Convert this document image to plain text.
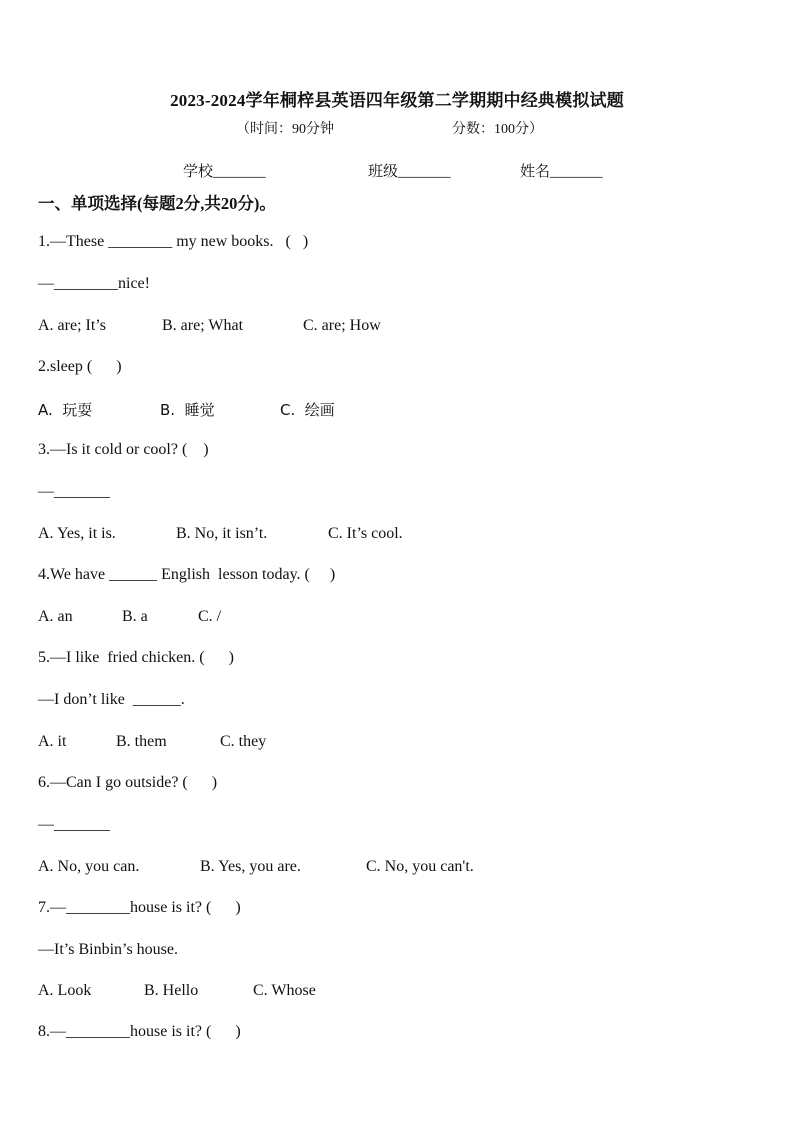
2023-2024学年桐梓县英语四年级第二学期期中经典模拟试题
（时间：90分钟	分数：100分）
学校_______	班级_______	姓名_______
一、单项选择(每题2分,共20分)。
1.—These ________ my new books.   (   )
—________nice!
A. are; It’s	B. are; What	C. are; How
2.sleep (      )
A.  玩耍	B.  睡觉	C.  绘画
3.—Is it cold or cool? (    )
—_______
A. Yes, it is.	B. No, it isn’t.	C. It’s cool.
4.We have ______ English  lesson today. (     )
A. an	B. a	C. /
5.—I like  fried chicken. (      )
—I don’t like  ______.
A. it	B. them	C. they
6.—Can I go outside? (      )
—_______
A. No, you can.	B. Yes, you are.	C. No, you can't.
7.—________house is it? (      )
—It’s Binbin’s house.
A. Look	B. Hello	C. Whose
8.—________house is it? (      )
